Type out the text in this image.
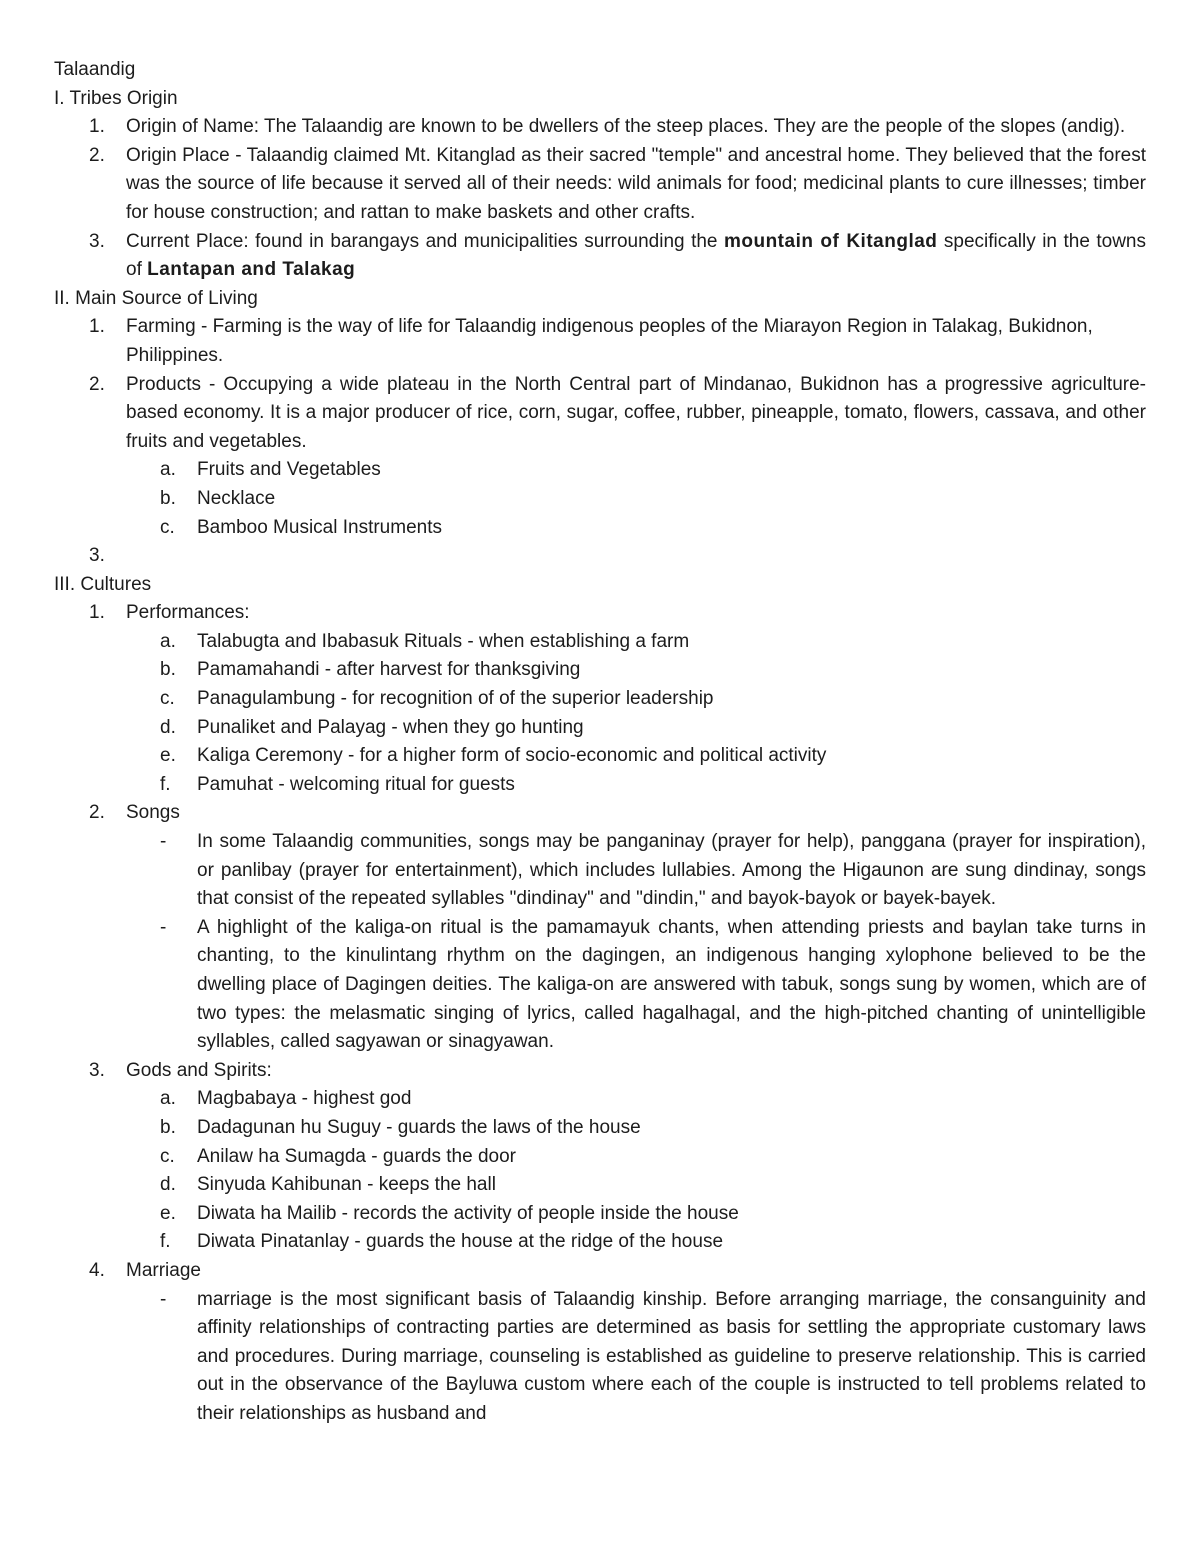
Talaandig
I. Tribes Origin
1. Origin of Name: The Talaandig are known to be dwellers of the steep places. They are the people of the slopes (andig).
2. Origin Place - Talaandig claimed Mt. Kitanglad as their sacred "temple" and ancestral home. They believed that the forest was the source of life because it served all of their needs: wild animals for food; medicinal plants to cure illnesses; timber for house construction; and rattan to make baskets and other crafts.
3. Current Place: found in barangays and municipalities surrounding the mountain of Kitanglad specifically in the towns of Lantapan and Talakag
II. Main Source of Living
1. Farming - Farming is the way of life for Talaandig indigenous peoples of the Miarayon Region in Talakag, Bukidnon, Philippines.
2. Products - Occupying a wide plateau in the North Central part of Mindanao, Bukidnon has a progressive agriculture-based economy. It is a major producer of rice, corn, sugar, coffee, rubber, pineapple, tomato, flowers, cassava, and other fruits and vegetables.
a. Fruits and Vegetables
b. Necklace
c. Bamboo Musical Instruments
3.

III. Cultures
1. Performances:
a. Talabugta and Ibabasuk Rituals - when establishing a farm
b. Pamamahandi - after harvest for thanksgiving
c. Panagulambung - for recognition of of the superior leadership
d. Punaliket and Palayag - when they go hunting
e. Kaliga Ceremony - for a higher form of socio-economic and political activity
f. Pamuhat - welcoming ritual for guests
2. Songs
- In some Talaandig communities, songs may be panganinay (prayer for help), panggana (prayer for inspiration), or panlibay (prayer for entertainment), which includes lullabies. Among the Higaunon are sung dindinay, songs that consist of the repeated syllables "dindinay" and "dindin," and bayok-bayok or bayek-bayek.
- A highlight of the kaliga-on ritual is the pamamayuk chants, when attending priests and baylan take turns in chanting, to the kinulintang rhythm on the dagingen, an indigenous hanging xylophone believed to be the dwelling place of Dagingen deities. The kaliga-on are answered with tabuk, songs sung by women, which are of two types: the melasmatic singing of lyrics, called hagalhagal, and the high-pitched chanting of unintelligible syllables, called sagyawan or sinagyawan.
3. Gods and Spirits:
a. Magbabaya - highest god
b. Dadagunan hu Suguy - guards the laws of the house
c. Anilaw ha Sumagda - guards the door
d. Sinyuda Kahibunan - keeps the hall
e. Diwata ha Mailib - records the activity of people inside the house
f. Diwata Pinatanlay - guards the house at the ridge of the house
4. Marriage
- marriage is the most significant basis of Talaandig kinship. Before arranging marriage, the consanguinity and affinity relationships of contracting parties are determined as basis for settling the appropriate customary laws and procedures. During marriage, counseling is established as guideline to preserve relationship. This is carried out in the observance of the Bayluwa custom where each of the couple is instructed to tell problems related to their relationships as husband and
